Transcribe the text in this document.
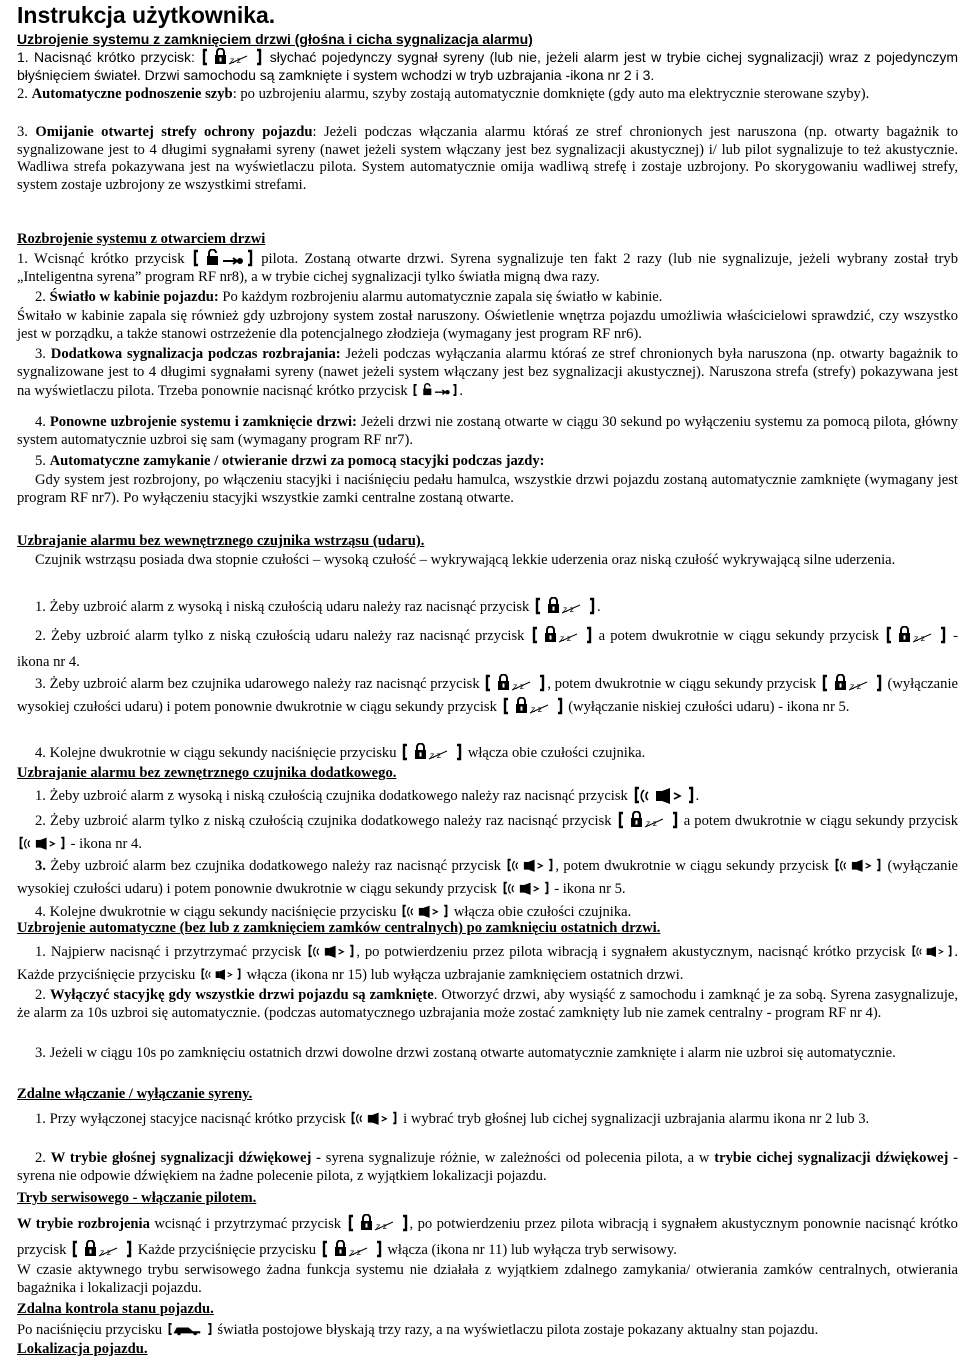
Instrukcja użytkownika.
Uzbrojenie systemu z zamknięciem drzwi (głośna i cicha sygnalizacja alarmu)
1. Nacisnąć krótko przycisk:	słychać pojedynczy sygnał syreny (lub nie, jeżeli alarm jest w trybie cichej sygnalizacji) wraz z pojedynczym błyśnięciem świateł. Drzwi samochodu są zamknięte i system wchodzi w tryb uzbrajania -ikona nr 2 i 3.
2. Automatyczne podnoszenie szyb: po uzbrojeniu alarmu, szyby zostają automatycznie domknięte (gdy auto ma elektrycznie sterowane szyby).
3. Omijanie otwartej strefy ochrony pojazdu: Jeżeli podczas włączania alarmu któraś ze stref chronionych jest naruszona (np. otwarty bagażnik to sygnalizowane jest to 4 długimi sygnałami syreny (nawet jeżeli system włączany jest bez sygnalizacji akustycznej) i/ lub pilot sygnalizuje to też akustycznie. Wadliwa strefa pokazywana jest na wyświetlaczu pilota. System automatycznie omija wadliwą strefę i zostaje uzbrojony. Po skorygowaniu wadliwej strefy, system zostaje uzbrojony ze wszystkimi strefami.
Rozbrojenie systemu z otwarciem drzwi
1. Wcisnąć krótko przycisk	pilota. Zostaną otwarte drzwi. Syrena sygnalizuje ten fakt 2 razy (lub nie sygnalizuje, jeżeli wybrany został tryb „Inteligentna syrena” program RF nr8), a w trybie cichej sygnalizacji tylko światła migną dwa razy.
2. Światło w kabinie pojazdu: Po każdym rozbrojeniu alarmu automatycznie zapala się światło w kabinie.
Świtało w kabinie zapala się również gdy uzbrojony system został naruszony. Oświetlenie wnętrza pojazdu umożliwia właścicielowi sprawdzić, czy wszystko jest w porządku, a także stanowi ostrzeżenie dla potencjalnego złodzieja (wymagany jest program RF nr6).
3. Dodatkowa sygnalizacja podczas rozbrajania: Jeżeli podczas wyłączania alarmu któraś ze stref chronionych była naruszona (np. otwarty bagażnik to sygnalizowane jest to 4 długimi sygnałami syreny (nawet jeżeli system włączany jest bez sygnalizacji akustycznej). Naruszona strefa (strefy) pokazywana jest na wyświetlaczu pilota. Trzeba ponownie nacisnąć krótko przycisk	.
4. Ponowne uzbrojenie systemu i zamknięcie drzwi: Jeżeli drzwi nie zostaną otwarte w ciągu 30 sekund po wyłączeniu systemu za pomocą pilota, główny system automatycznie uzbroi się sam (wymagany program RF nr7).
5. Automatyczne zamykanie / otwieranie drzwi za pomocą stacyjki podczas jazdy:
Gdy system jest rozbrojony, po włączeniu stacyjki i naciśnięciu pedału hamulca, wszystkie drzwi pojazdu zostaną automatycznie zamknięte (wymagany jest program RF nr7). Po wyłączeniu stacyjki wszystkie zamki centralne zostaną otwarte.
Uzbrajanie alarmu bez wewnętrznego czujnika wstrząsu (udaru).
Czujnik wstrząsu posiada dwa stopnie czułości – wysoką czułość – wykrywającą lekkie uderzenia oraz niską czułość wykrywającą silne uderzenia.
1. Żeby uzbroić alarm z wysoką i niską czułością udaru należy raz nacisnąć przycisk	.
2. Żeby uzbroić alarm tylko z niską czułością udaru należy raz nacisnąć przycisk	a potem dwukrotnie w ciągu sekundy przycisk	- ikona nr 4.
3. Żeby uzbroić alarm bez czujnika udarowego należy raz nacisnąć przycisk	, potem dwukrotnie w ciągu sekundy przycisk	(wyłączanie wysokiej czułości udaru) i potem ponownie dwukrotnie w ciągu sekundy przycisk	(wyłączanie niskiej czułości udaru) - ikona nr 5.
4. Kolejne dwukrotnie w ciągu sekundy naciśnięcie przycisku	włącza obie czułości czujnika.
Uzbrajanie alarmu bez zewnętrznego czujnika dodatkowego.
1. Żeby uzbroić alarm z wysoką i niską czułością czujnika dodatkowego należy raz nacisnąć przycisk	.
2. Żeby uzbroić alarm tylko z niską czułością czujnika dodatkowego należy raz nacisnąć przycisk	a potem dwukrotnie w ciągu sekundy przycisk
- ikona nr 4.
3. Żeby uzbroić alarm bez czujnika dodatkowego należy raz nacisnąć przycisk	, potem dwukrotnie w ciągu sekundy przycisk	(wyłączanie wysokiej czułości udaru) i potem ponownie dwukrotnie w ciągu sekundy przycisk	- ikona nr 5.
4. Kolejne dwukrotnie w ciągu sekundy naciśnięcie przycisku	włącza obie czułości czujnika.
Uzbrojenie automatyczne (bez lub z zamknięciem zamków centralnych) po zamknięciu ostatnich drzwi.
1. Najpierw nacisnąć i przytrzymać przycisk	, po potwierdzeniu przez pilota wibracją i sygnałem akustycznym, nacisnąć krótko przycisk	. Każde przyciśnięcie przycisku	włącza (ikona nr 15) lub wyłącza uzbrajanie zamknięciem ostatnich drzwi.
2. Wyłączyć stacyjkę gdy wszystkie drzwi pojazdu są zamknięte. Otworzyć drzwi, aby wysiąść z samochodu i zamknąć je za sobą. Syrena zasygnalizuje, że alarm za 10s uzbroi się automatycznie. (podczas automatycznego uzbrajania może zostać zamknięty lub nie zamek centralny - program RF nr 4).
3. Jeżeli w ciągu 10s po zamknięciu ostatnich drzwi dowolne drzwi zostaną otwarte automatycznie zamknięte i alarm nie uzbroi się automatycznie.
Zdalne włączanie / wyłączanie syreny.
1. Przy wyłączonej stacyjce nacisnąć krótko przycisk	i wybrać tryb głośnej lub cichej sygnalizacji uzbrajania alarmu ikona nr 2 lub 3.
2. W trybie głośnej sygnalizacji dźwiękowej - syrena sygnalizuje różnie, w zależności od polecenia pilota, a w trybie cichej sygnalizacji dźwiękowej - syrena nie odpowie dźwiękiem na żadne polecenie pilota, z wyjątkiem lokalizacji pojazdu.
Tryb serwisowego - włączanie pilotem.
W trybie rozbrojenia wcisnąć i przytrzymać przycisk	, po potwierdzeniu przez pilota wibracją i sygnałem akustycznym ponownie nacisnąć krótko przycisk	Każde przyciśnięcie przycisku	włącza (ikona nr 11) lub wyłącza tryb serwisowy.
W czasie aktywnego trybu serwisowego żadna funkcja systemu nie działała z wyjątkiem zdalnego zamykania/ otwierania zamków centralnych, otwierania bagażnika i lokalizacji pojazdu.
Zdalna kontrola stanu pojazdu.
Po naciśnięciu przycisku	światła postojowe błyskają trzy razy, a na wyświetlaczu pilota zostaje pokazany aktualny stan pojazdu.
Lokalizacja pojazdu.
